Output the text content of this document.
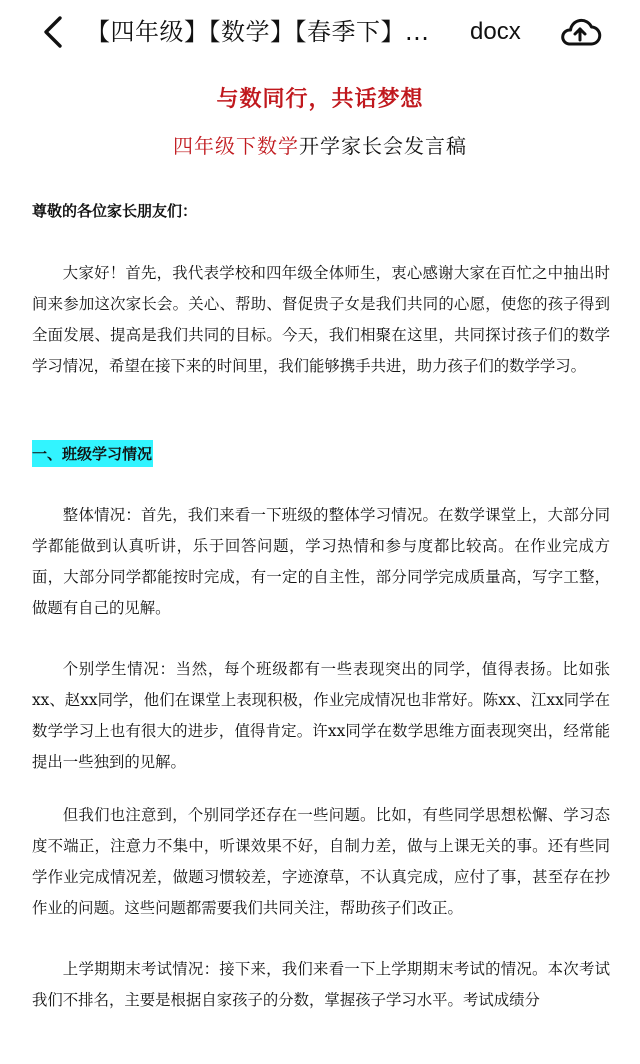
【四年级】【数学】【春季下】...	docx
与数同行，共话梦想
四年级下数学开学家长会发言稿
尊敬的各位家长朋友们：

大家好！首先，我代表学校和四年级全体师生，衷心感谢大家在百忙之中抽出时间来参加这次家长会。关心、帮助、督促贵子女是我们共同的心愿，使您的孩子得到全面发展、提高是我们共同的目标。今天，我们相聚在这里，共同探讨孩子们的数学学习情况，希望在接下来的时间里，我们能够携手共进，助力孩子们的数学学习。

一、班级学习情况

整体情况：首先，我们来看一下班级的整体学习情况。在数学课堂上，大部分同学都能做到认真听讲，乐于回答问题，学习热情和参与度都比较高。在作业完成方面，大部分同学都能按时完成，有一定的自主性，部分同学完成质量高，写字工整，做题有自己的见解。

个别学生情况：当然，每个班级都有一些表现突出的同学，值得表扬。比如张xx、赵xx同学，他们在课堂上表现积极，作业完成情况也非常好。陈xx、江xx同学在数学学习上也有很大的进步，值得肯定。许xx同学在数学思维方面表现突出，经常能提出一些独到的见解。

但我们也注意到，个别同学还存在一些问题。比如，有些同学思想松懈、学习态度不端正，注意力不集中，听课效果不好，自制力差，做与上课无关的事。还有些同学作业完成情况差，做题习惯较差，字迹潦草，不认真完成，应付了事，甚至存在抄作业的问题。这些问题都需要我们共同关注，帮助孩子们改正。

上学期期末考试情况：接下来，我们来看一下上学期期末考试的情况。本次考试我们不排名，主要是根据自家孩子的分数，掌握孩子学习水平。考试成绩分
